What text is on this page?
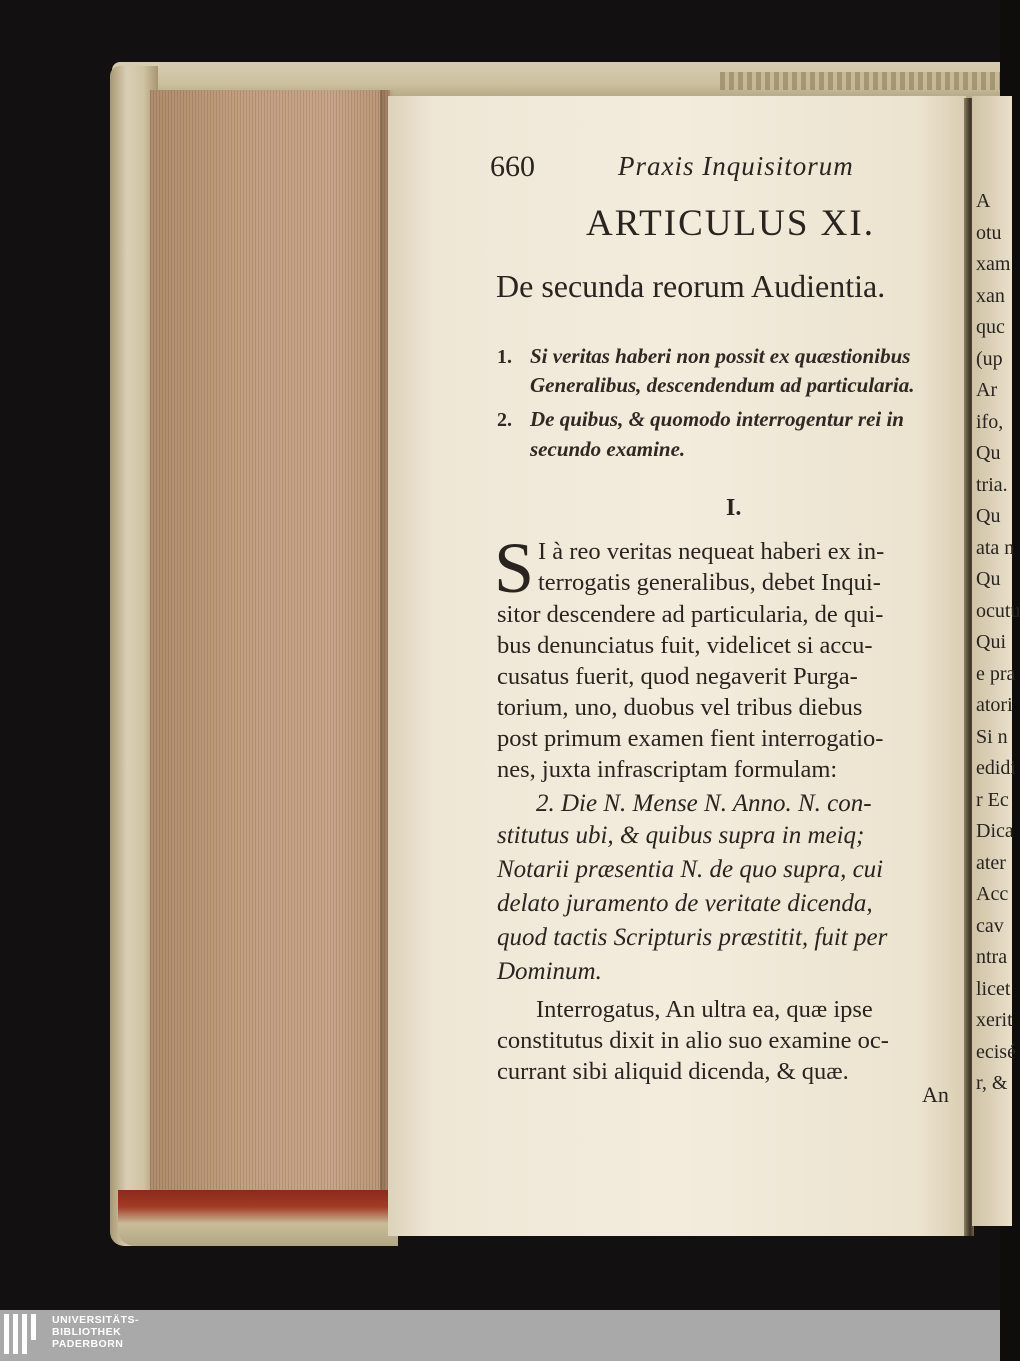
660	Praxis Inquisitorum
ARTICULUS XI.
De secunda reorum Audientia.
1. Si veritas haberi non possit ex quæstionibus
Generalibus, descendendum ad particularia.
2. De quibus, & quomodo interrogentur rei in
secundo examine.
I.
S I à reo veritas nequeat haberi ex in-
terrogatis generalibus, debet Inqui-
sitor descendere ad particularia, de qui-
bus denunciatus fuit, videlicet si accu-
cusatus fuerit, quod negaverit Purga-
torium, uno, duobus vel tribus diebus
post primum examen fient interrogatio-
nes, juxta infrascriptam formulam:
2. Die N. Mense N. Anno. N. con-
stitutus ubi, & quibus supra in meiq;
Notarii præsentia N. de quo supra, cui
delato juramento de veritate dicenda,
quod tactis Scripturis præstitit, fuit per
Dominum.
Interrogatus, An ultra ea, quæ ipse
constitutus dixit in alio suo examine oc-
currant sibi aliquid dicenda, & quæ.
An
A
otu
xam
xan
quc
(up
Ar
ifo,
Qu
tria.
Qu
ata n
Qu
ocutu
Qui
e pra
atori
Si n
edidi
r Ec
Dica
ater
Acc
cav
ntra
licet
xerit
ecisé
r, &
UNIVERSITÄTS-
BIBLIOTHEK
PADERBORN
